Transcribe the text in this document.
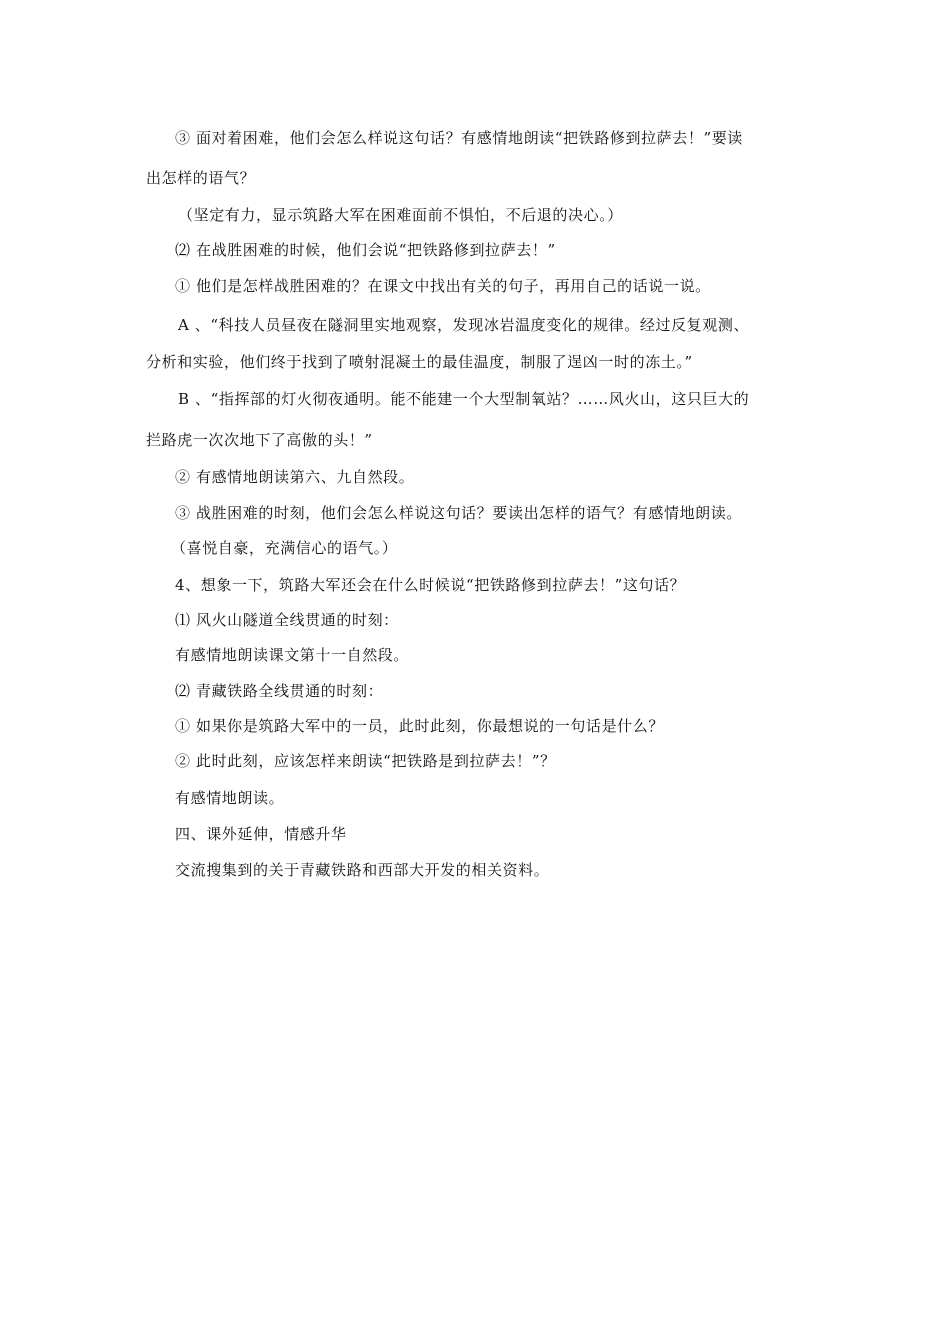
③ 面对着困难，他们会怎么样说这句话？有感情地朗读“把铁路修到拉萨去！”要读
出怎样的语气？
（坚定有力，显示筑路大军在困难面前不惧怕，不后退的决心。）
⑵ 在战胜困难的时候，他们会说“把铁路修到拉萨去！”
① 他们是怎样战胜困难的？在课文中找出有关的句子，再用自己的话说一说。
A 、“科技人员昼夜在隧洞里实地观察，发现冰岩温度变化的规律。经过反复观测、
分析和实验，他们终于找到了喷射混凝土的最佳温度，制服了逞凶一时的冻土。”
B 、“指挥部的灯火彻夜通明。能不能建一个大型制氧站？……风火山，这只巨大的
拦路虎一次次地下了高傲的头！”
② 有感情地朗读第六、九自然段。
③ 战胜困难的时刻，他们会怎么样说这句话？要读出怎样的语气？有感情地朗读。
（喜悦自豪，充满信心的语气。）
4、想象一下，筑路大军还会在什么时候说“把铁路修到拉萨去！”这句话？
⑴ 风火山隧道全线贯通的时刻：
有感情地朗读课文第十一自然段。
⑵ 青藏铁路全线贯通的时刻：
① 如果你是筑路大军中的一员，此时此刻，你最想说的一句话是什么？
② 此时此刻，应该怎样来朗读“把铁路是到拉萨去！”？
有感情地朗读。
四、课外延伸，情感升华
交流搜集到的关于青藏铁路和西部大开发的相关资料。
